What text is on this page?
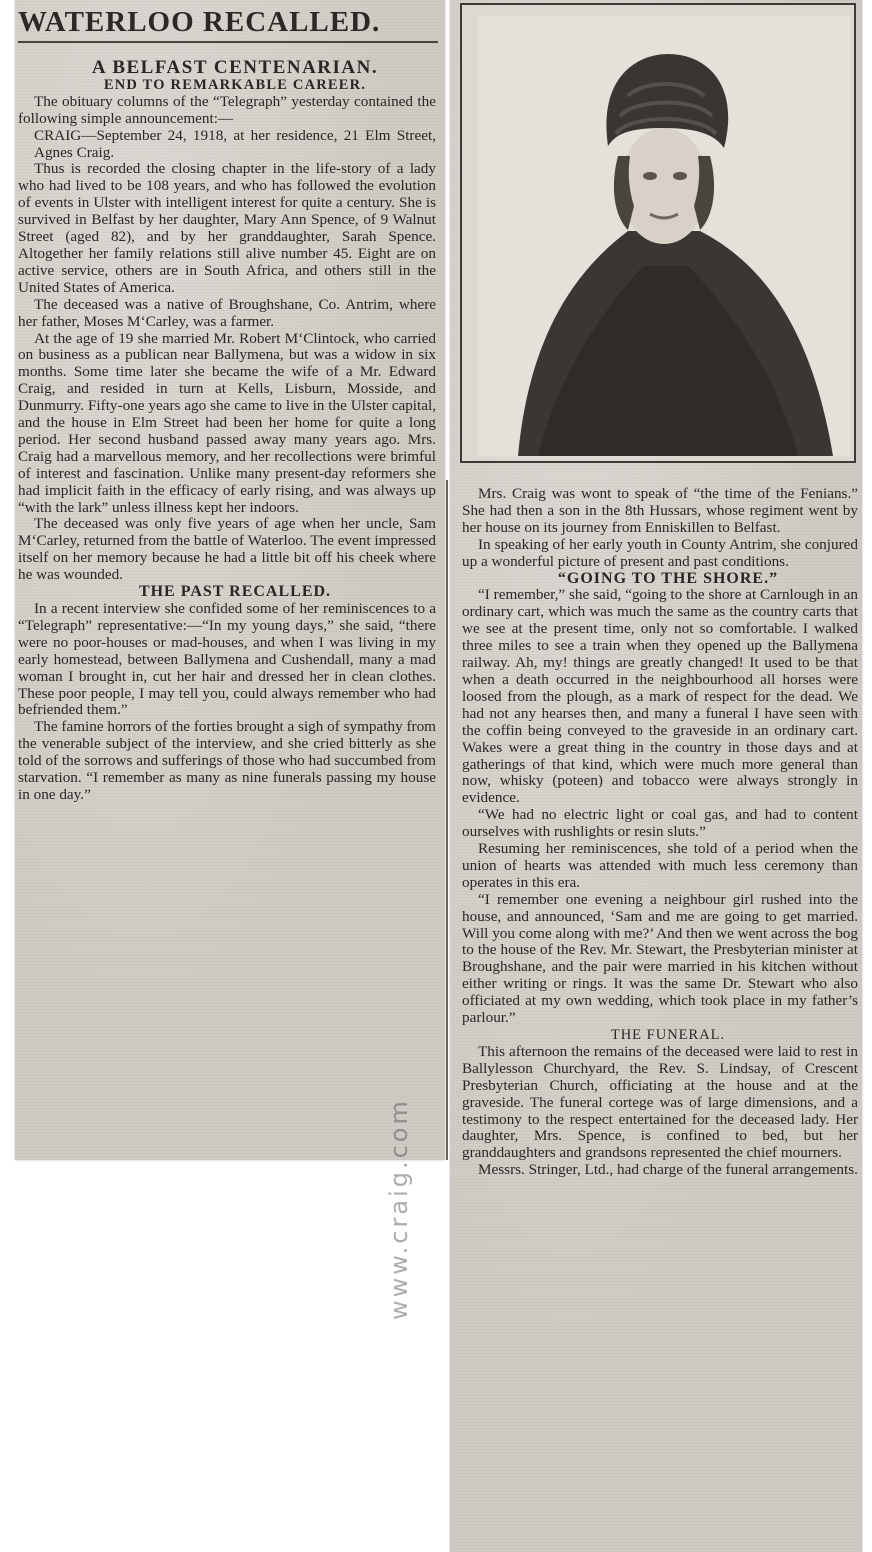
WATERLOO RECALLED.

A BELFAST CENTENARIAN.

END TO REMARKABLE CAREER.

The obituary columns of the “Telegraph” yesterday contained the following simple announcement:—

CRAIG—September 24, 1918, at her residence, 21 Elm Street, Agnes Craig.

Thus is recorded the closing chapter in the life-story of a lady who had lived to be 108 years, and who has followed the evolution of events in Ulster with intelligent interest for quite a century. She is survived in Belfast by her daughter, Mary Ann Spence, of 9 Walnut Street (aged 82), and by her granddaughter, Sarah Spence. Altogether her family relations still alive number 45. Eight are on active service, others are in South Africa, and others still in the United States of America.

The deceased was a native of Broughshane, Co. Antrim, where her father, Moses M‘Carley, was a farmer.

At the age of 19 she married Mr. Robert M‘Clintock, who carried on business as a publican near Ballymena, but was a widow in six months. Some time later she became the wife of a Mr. Edward Craig, and resided in turn at Kells, Lisburn, Mosside, and Dunmurry. Fifty-one years ago she came to live in the Ulster capital, and the house in Elm Street had been her home for quite a long period. Her second husband passed away many years ago. Mrs. Craig had a marvellous memory, and her recollections were brimful of interest and fascination. Unlike many present-day reformers she had implicit faith in the efficacy of early rising, and was always up “with the lark” unless illness kept her indoors.

The deceased was only five years of age when her uncle, Sam M‘Carley, returned from the battle of Waterloo. The event impressed itself on her memory because he had a little bit off his cheek where he was wounded.

THE PAST RECALLED.

In a recent interview she confided some of her reminiscences to a “Telegraph” representative:—“In my young days,” she said, “there were no poor-houses or mad-houses, and when I was living in my early homestead, between Ballymena and Cushendall, many a mad woman I brought in, cut her hair and dressed her in clean clothes. These poor people, I may tell you, could always remember who had befriended them.”

The famine horrors of the forties brought a sigh of sympathy from the venerable subject of the interview, and she cried bitterly as she told of the sorrows and sufferings of those who had succumbed from starvation. “I remember as many as nine funerals passing my house in one day.”

Mrs. Craig was wont to speak of “the time of the Fenians.” She had then a son in the 8th Hussars, whose regiment went by her house on its journey from Enniskillen to Belfast.

In speaking of her early youth in County Antrim, she conjured up a wonderful picture of present and past conditions.

“GOING TO THE SHORE.”

“I remember,” she said, “going to the shore at Carnlough in an ordinary cart, which was much the same as the country carts that we see at the present time, only not so comfortable. I walked three miles to see a train when they opened up the Ballymena railway. Ah, my! things are greatly changed! It used to be that when a death occurred in the neighbourhood all horses were loosed from the plough, as a mark of respect for the dead. We had not any hearses then, and many a funeral I have seen with the coffin being conveyed to the graveside in an ordinary cart. Wakes were a great thing in the country in those days and at gatherings of that kind, which were much more general than now, whisky (poteen) and tobacco were always strongly in evidence.

“We had no electric light or coal gas, and had to content ourselves with rushlights or resin sluts.”

Resuming her reminiscences, she told of a period when the union of hearts was attended with much less ceremony than operates in this era.

“I remember one evening a neighbour girl rushed into the house, and announced, ‘Sam and me are going to get married. Will you come along with me?’ And then we went across the bog to the house of the Rev. Mr. Stewart, the Presbyterian minister at Broughshane, and the pair were married in his kitchen without either writing or rings. It was the same Dr. Stewart who also officiated at my own wedding, which took place in my father’s parlour.”

THE FUNERAL.

This afternoon the remains of the deceased were laid to rest in Ballylesson Churchyard, the Rev. S. Lindsay, of Crescent Presbyterian Church, officiating at the house and at the graveside. The funeral cortege was of large dimensions, and a testimony to the respect entertained for the deceased lady. Her daughter, Mrs. Spence, is confined to bed, but her granddaughters and grandsons represented the chief mourners.

Messrs. Stringer, Ltd., had charge of the funeral arrangements.

www.craig.com
